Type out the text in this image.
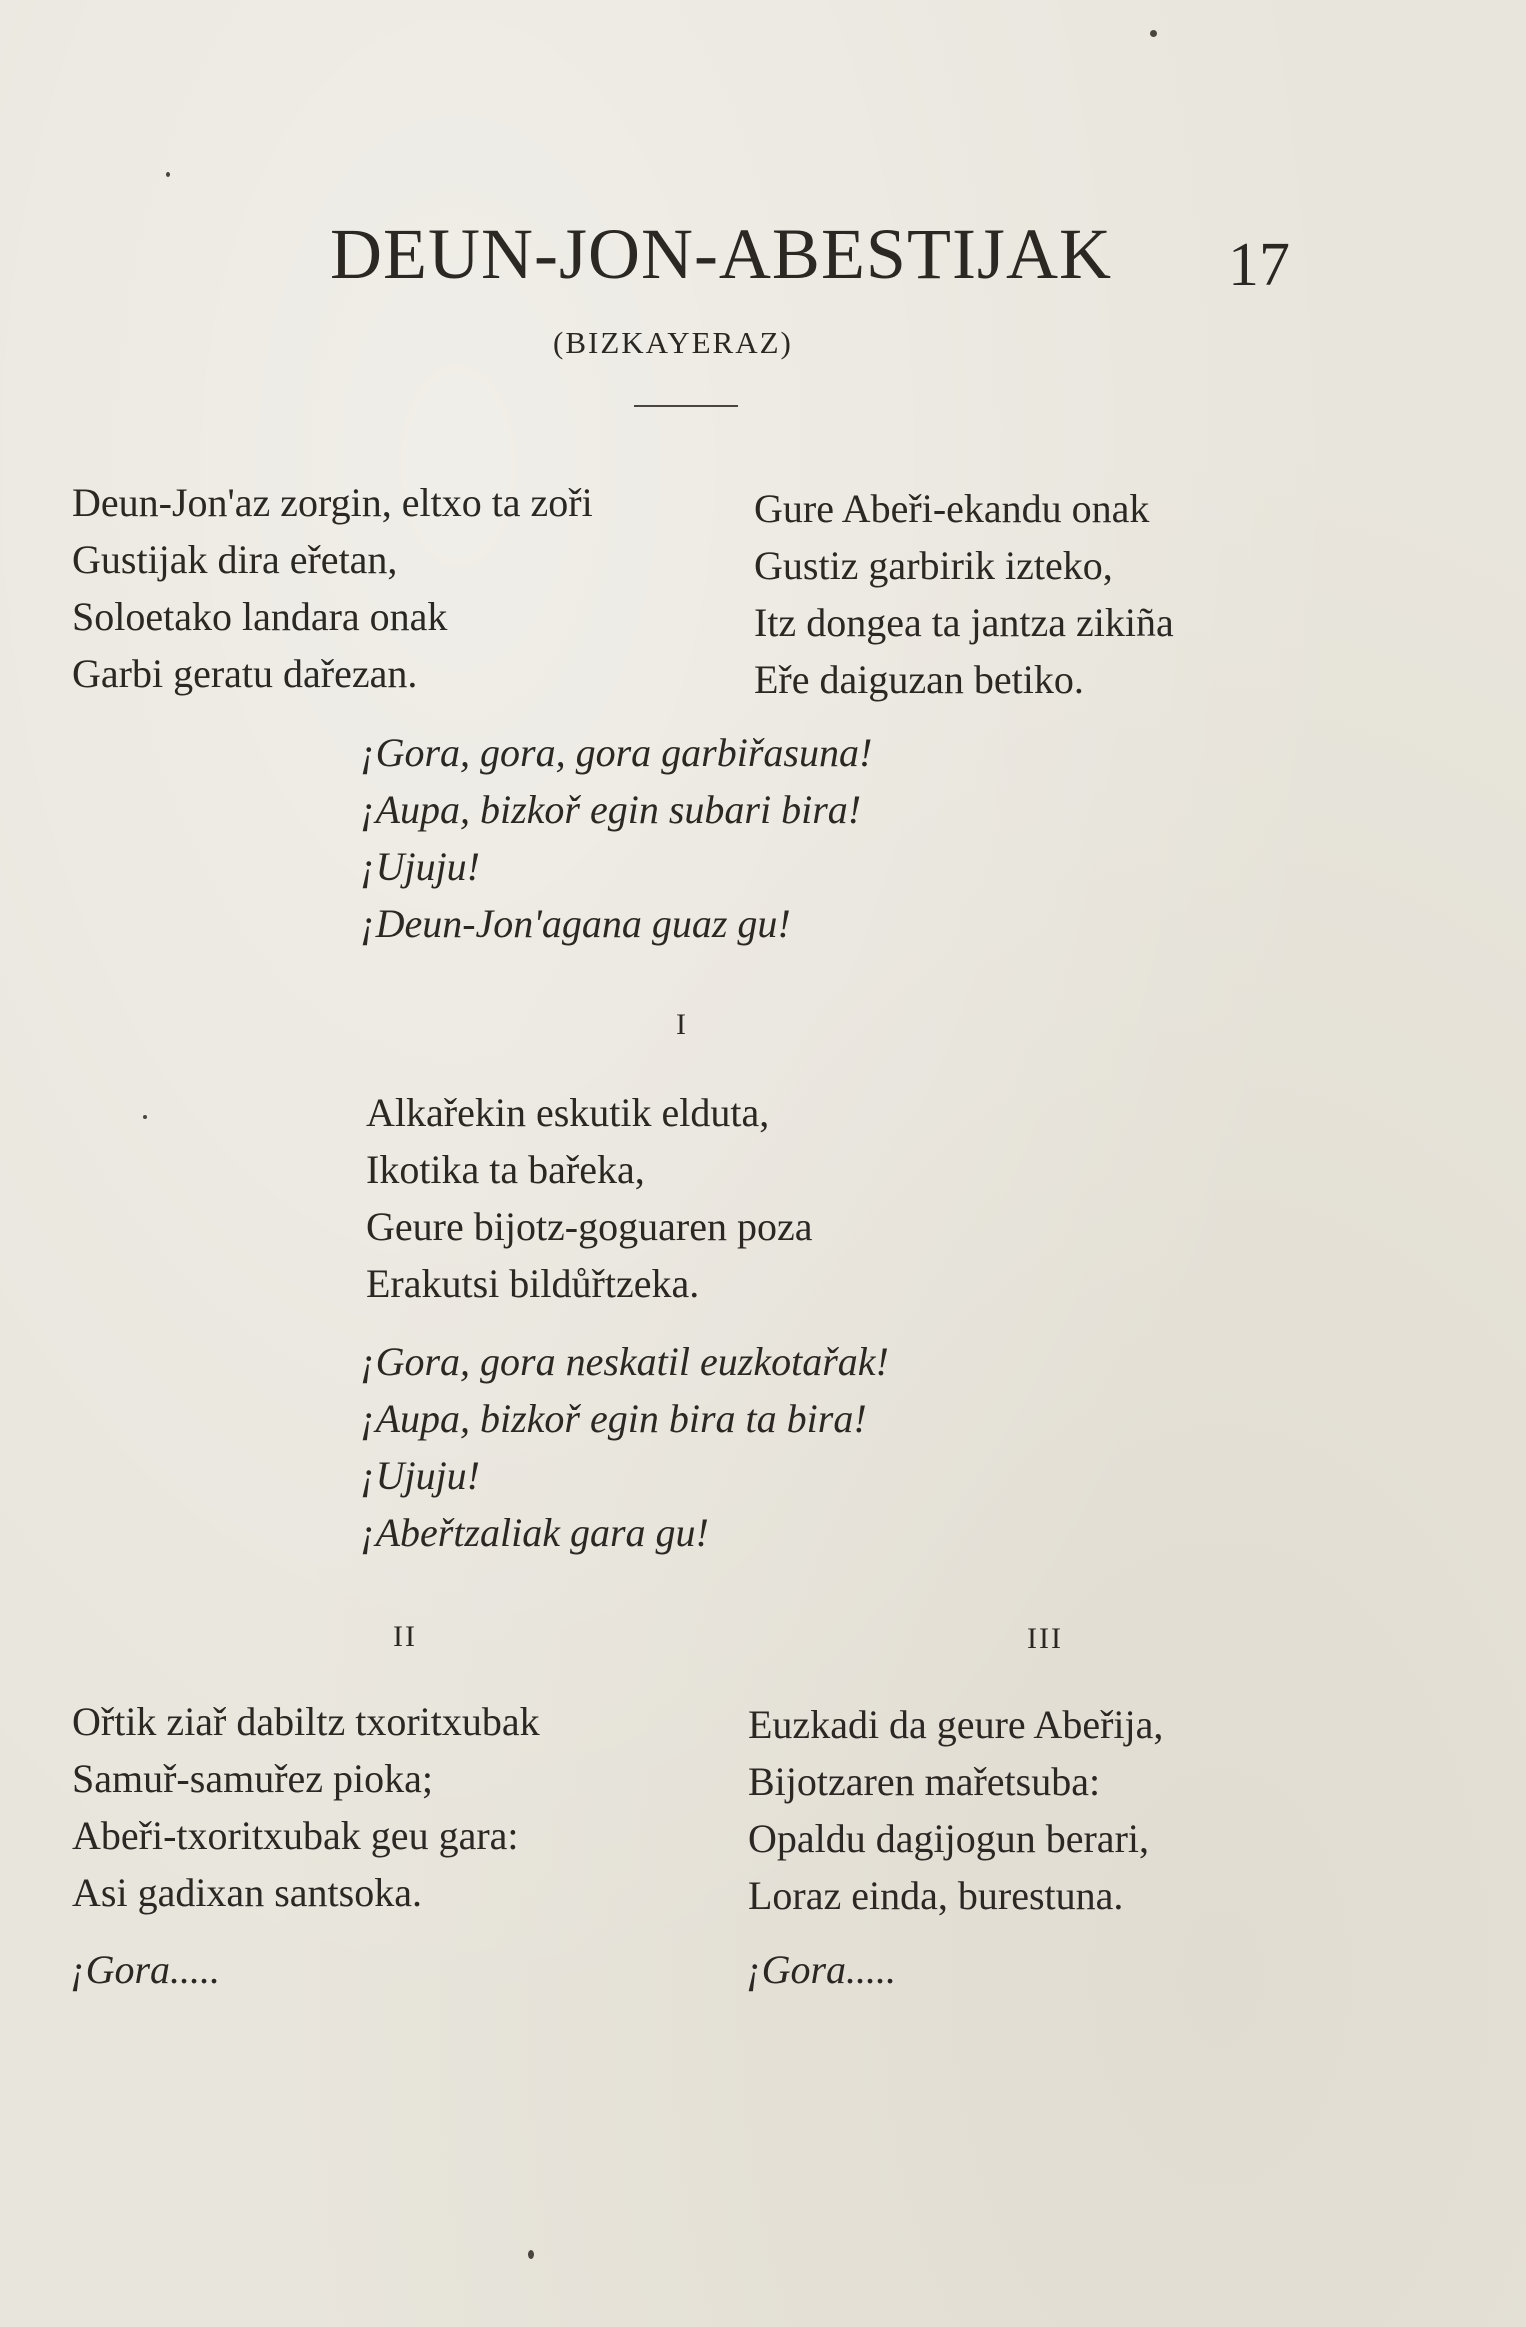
DEUN-JON-ABESTIJAK 17
(BIZKAYERAZ)
Deun-Jon'az zorgin, eltxo ta zoři
Gustijak dira eřetan,
Soloetako landara onak
Garbi geratu dařezan.
Gure Abeři-ekandu onak
Gustiz garbirik izteko,
Itz dongea ta jantza zikiña
Eře daiguzan betiko.
¡Gora, gora, gora garbiřasuna!
¡Aupa, bizkoř egin subari bira!
¡Ujuju!
¡Deun-Jon'agana guaz gu!
I
Alkařekin eskutik elduta,
Ikotika ta bařeka,
Geure bijotz-goguaren poza
Erakutsi bildůřtzeka.
¡Gora, gora neskatil euzkotařak!
¡Aupa, bizkoř egin bira ta bira!
¡Ujuju!
¡Abeřtzaliak gara gu!
II
Ořtik ziař dabiltz txoritxubak
Samuř-samuřez pioka;
Abeři-txoritxubak geu gara:
Asi gadixan santsoka.
¡Gora.....
III
Euzkadi da geure Abeřija,
Bijotzaren mařetsuba:
Opaldu dagijogun berari,
Loraz einda, burestuna.
¡Gora.....
